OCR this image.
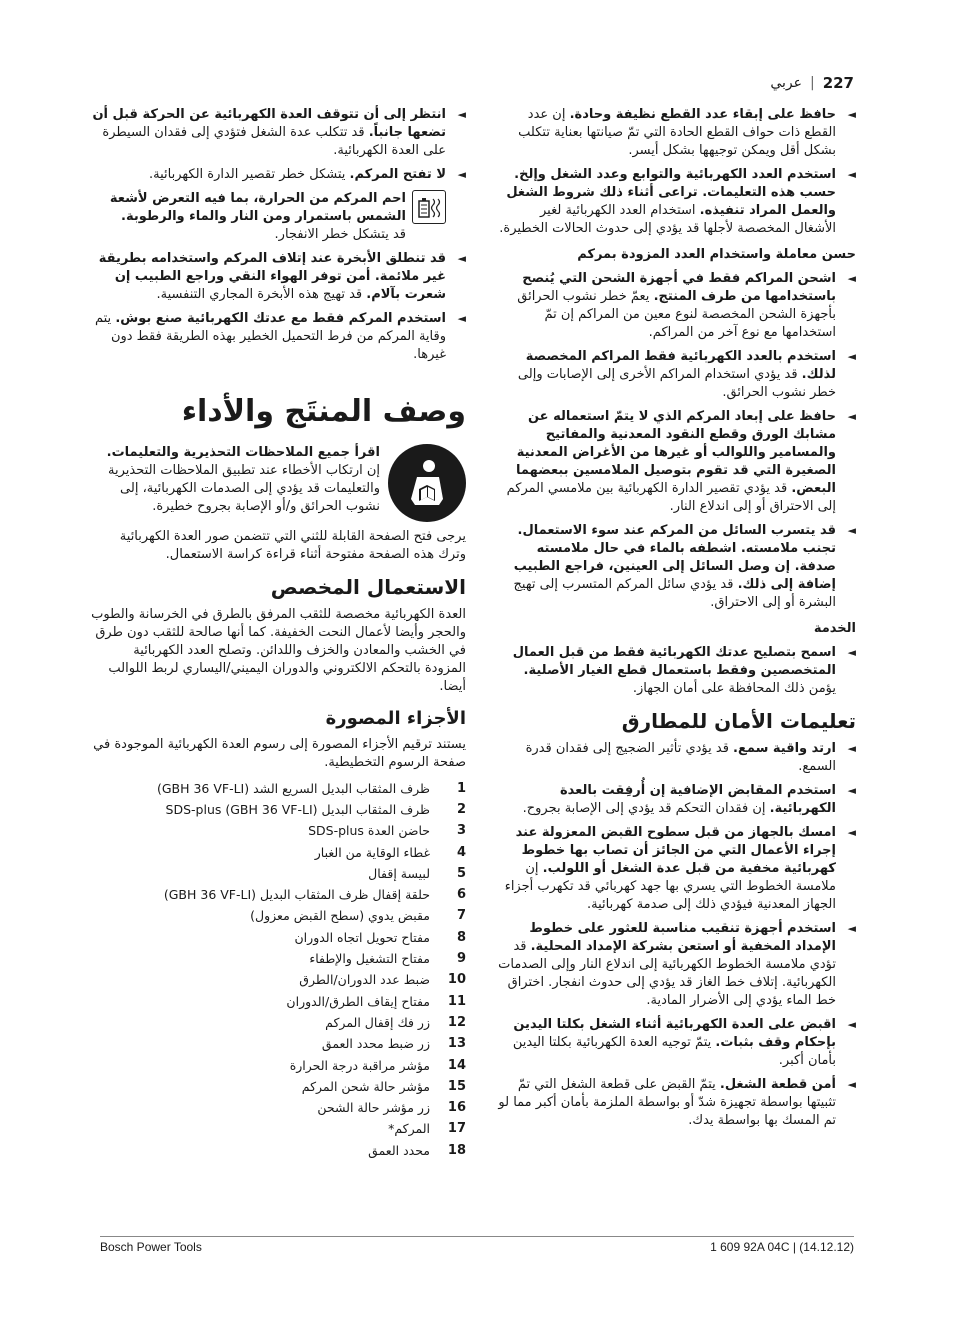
227
|
عربي
◄
حافظ على إبقاء عدد القطع نظيفة وحادة. إن عدد القطع ذات حواف القطع الحادة التي تمّ صيانتها بعناية تتكلب بشكل أقل ويمكن توجيهها بشكل أيسر.
◄
استخدم العدد الكهربائية والتوابع وعدد الشغل وإلخ. حسب هذه التعليمات. تراعى أثناء ذلك شروط الشغل والعمل المراد تنفيذه. استخدام العدد الكهربائية لغير الأشغال المخصصة لأجلها قد يؤدي إلى حدوث الحالات الخطيرة.
حسن معاملة واستخدام العدد المزودة بمركم
◄
اشحن المراكم فقط في أجهزة الشحن التي يُنصح باستخدامها من طرف المنتج. يعمّ خطر نشوب الحرائق بأجهزة الشحن المخصصة لنوع معين من المراكم إن تمّ استخدامها مع نوع آخر من المراكم.
◄
استخدم بالعدد الكهربائية فقط المراكم المخصصة لذلك. قد يؤدي استخدام المراكم الأخرى إلى الإصابات وإلى خطر نشوب الحرائق.
◄
حافظ على إبعاد المركم الذي لا يتمّ استعماله عن مشابك الورق وقطع النقود المعدنية والمفاتيح والمسامير واللوالب أو غيرها من الأغراض المعدنية الصغيرة التي قد تقوم بتوصيل الملامسين ببعضهما البعض. قد يؤدي تقصير الدارة الكهربائية بين ملامسي المركم إلى الاحتراق أو إلى اندلاع النار.
◄
قد يتسرب السائل من المركم عند سوء الاستعمال. تجنب ملامسته. اشطفه بالماء في حال ملامسته صدفة. إن وصل السائل إلى العينين، فراجع الطبيب إضافة إلى ذلك. قد يؤدي سائل المركم المتسرب إلى تهيج البشرة أو إلى الاحتراق.
الخدمة
◄
اسمح بتصليح عدتك الكهربائية فقط من قبل العمال المتخصصين وفقط باستعمال قطع الغيار الأصلية. يؤمن ذلك المحافظة على أمان الجهاز.
تعليمات الأمان للمطارق
◄
ارتد واقية سمع. قد يؤدي تأثير الضجيج إلى فقدان قدرة السمع.
◄
استخدم المقابض الإضافية إن أُرفِقت بالعدة الكهربائية. إن فقدان التحكم قد يؤدي إلى الإصابة بجروح.
◄
امسك بالجهاز من قبل سطوح القبض المعزولة عند إجراء الأعمال التي من الجائز أن تصاب بها خطوط كهربائية مخفية من قبل عدة الشغل أو اللولب. إن ملامسة الخطوط التي يسري بها جهد كهربائي قد تكهرب أجزاء الجهاز المعدنية فيؤدي ذلك إلى صدمة كهربائية.
◄
استخدم أجهزة تنقيب مناسبة للعثور على خطوط الإمداد المخفية أو استعن بشركة الإمداد المحلية. قد تؤدي ملامسة الخطوط الكهربائية إلى اندلاع النار وإلى الصدمات الكهربائية. إتلاف خط الغاز قد يؤدي إلى حدوث انفجار. اختراق خط الماء يؤدي إلى الأضرار المادية.
◄
اقبض على العدة الكهربائية أثناء الشغل بكلتا اليدين بإحكام وقف بثبات. يتمّ توجيه العدة الكهربائية بكلتا اليدين بأمان أكبر.
◄
أمن قطعة الشغل. يتمّ القبض على قطعة الشغل التي تمّ تثبيتها بواسطة تجهيزة شدّ أو بواسطة الملزمة بأمان أكبر مما لو تم المسك بها بواسطة يدك.
◄
انتظر إلى أن تتوقف العدة الكهربائية عن الحركة قبل أن تضعها جانباً. قد تتكلب عدة الشغل فتؤدي إلى فقدان السيطرة على العدة الكهربائية.
◄
لا تفتح المركم. يتشكل خطر تقصير الدارة الكهربائية.
احم المركم من الحرارة، بما فيه التعرض لأشعة الشمس باستمرار ومن النار والماء والرطوبة. قد يتشكل خطر الانفجار.
◄
قد تنطلق الأبخرة عند إتلاف المركم واستخدامه بطريقة غير ملائمة. أمن توفر الهواء النقي وراجع الطبيب إن شعرت بآلام. قد تهيج هذه الأبخرة المجاري التنفسية.
◄
استخدم المركم فقط مع عدتك الكهربائية صنع بوش. يتم وقاية المركم من فرط التحميل الخطير بهذه الطريقة فقط دون غيرها.
وصف المنتَج والأداء
اقرأ جميع الملاحظات التحذيرية والتعليمات. إن ارتكاب الأخطاء عند تطبيق الملاحظات التحذيرية والتعليمات قد يؤدي إلى الصدمات الكهربائية، إلى نشوب الحرائق و/أو الإصابة بجروح خطيرة.
يرجى فتح الصفحة القابلة للثني التي تتضمن صور العدة الكهربائية وترك هذه الصفحة مفتوحة أثناء قراءة كراسة الاستعمال.
الاستعمال المخصص
العدة الكهربائية مخصصة للثقب المرفق بالطرق في الخرسانة والطوب والحجر وأيضا لأعمال النحت الخفيفة. كما أنها صالحة للثقب دون طرق في الخشب والمعادن والخزف واللدائن. وتصلح العدد الكهربائية المزودة بالتحكم الالكتروني والدوران اليميني/اليساري لربط اللوالب أيضا.
الأجزاء المصورة
يستند ترقيم الأجزاء المصورة إلى رسوم العدة الكهربائية الموجودة في صفحة الرسوم التخطيطية.
1
ظرف المثقاب البديل السريع الشد (GBH 36 VF-LI)
2
ظرف المثقاب البديل SDS-plus (GBH 36 VF-LI)
3
حاضن العدة SDS-plus
4
غطاء الوقاية من الغبار
5
لبيسة إقفال
6
حلقة إقفال ظرف المثقاب البديل (GBH 36 VF-LI)
7
مقبض يدوي (سطح القبض معزول)
8
مفتاح تحويل اتجاه الدوران
9
مفتاح التشغيل والإطفاء
10
ضبط عدد الدوران/الطرق
11
مفتاح إيقاف الطرق/الدوران
12
زر فك إقفال المركم
13
زر ضبط محدد العمق
14
مؤشر مراقبة درجة الحرارة
15
مؤشر حالة شحن المركم
16
زر مؤشر حالة الشحن
17
المركم*
18
محدد العمق
Bosch Power Tools	1 609 92A 04C | (14.12.12)
